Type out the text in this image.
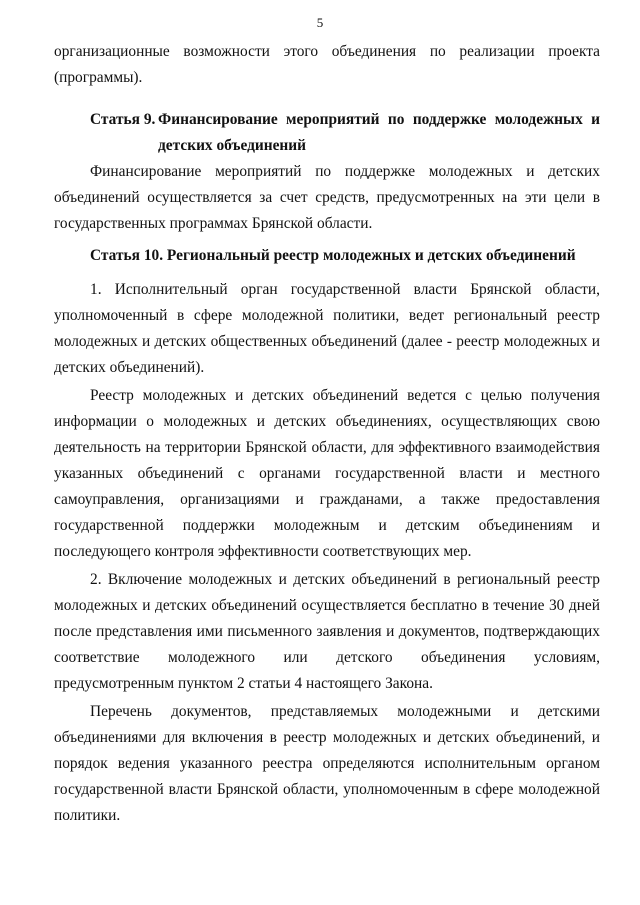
5

организационные возможности этого объединения по реализации проекта (программы).

Статья 9. Финансирование мероприятий по поддержке молодежных и детских объединений

Финансирование мероприятий по поддержке молодежных и детских объединений осуществляется за счет средств, предусмотренных на эти цели в государственных программах Брянской области.

Статья 10. Региональный реестр молодежных и детских объединений

1. Исполнительный орган государственной власти Брянской области, уполномоченный в сфере молодежной политики, ведет региональный реестр молодежных и детских общественных объединений (далее - реестр молодежных и детских объединений).

Реестр молодежных и детских объединений ведется с целью получения информации о молодежных и детских объединениях, осуществляющих свою деятельность на территории Брянской области, для эффективного взаимодействия указанных объединений с органами государственной власти и местного самоуправления, организациями и гражданами, а также предоставления государственной поддержки молодежным и детским объединениям и последующего контроля эффективности соответствующих мер.

2. Включение молодежных и детских объединений в региональный реестр молодежных и детских объединений осуществляется бесплатно в течение 30 дней после представления ими письменного заявления и документов, подтверждающих соответствие молодежного или детского объединения условиям, предусмотренным пунктом 2 статьи 4 настоящего Закона.

Перечень документов, представляемых молодежными и детскими объединениями для включения в реестр молодежных и детских объединений, и порядок ведения указанного реестра определяются исполнительным органом государственной власти Брянской области, уполномоченным в сфере молодежной политики.
